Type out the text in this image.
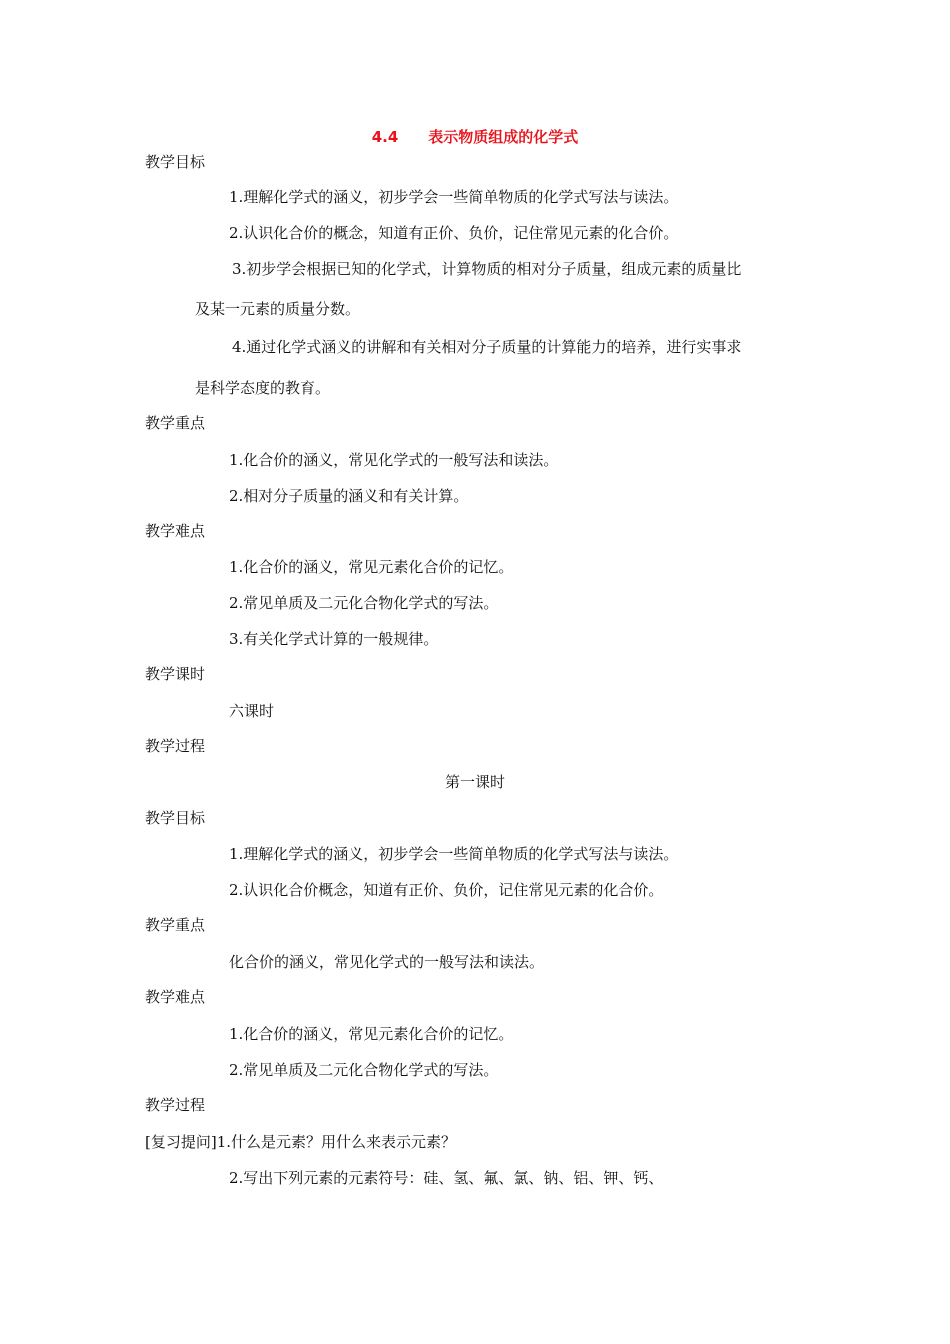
4.4　　表示物质组成的化学式
教学目标
1.理解化学式的涵义，初步学会一些简单物质的化学式写法与读法。
2.认识化合价的概念，知道有正价、负价，记住常见元素的化合价。
3.初步学会根据已知的化学式，计算物质的相对分子质量，组成元素的质量比
及某一元素的质量分数。
4.通过化学式涵义的讲解和有关相对分子质量的计算能力的培养，进行实事求
是科学态度的教育。
教学重点
1.化合价的涵义，常见化学式的一般写法和读法。
2.相对分子质量的涵义和有关计算。
教学难点
1.化合价的涵义，常见元素化合价的记忆。
2.常见单质及二元化合物化学式的写法。
3.有关化学式计算的一般规律。
教学课时
六课时
教学过程
第一课时
教学目标
1.理解化学式的涵义，初步学会一些简单物质的化学式写法与读法。
2.认识化合价概念，知道有正价、负价，记住常见元素的化合价。
教学重点
化合价的涵义，常见化学式的一般写法和读法。
教学难点
1.化合价的涵义，常见元素化合价的记忆。
2.常见单质及二元化合物化学式的写法。
教学过程
[复习提问]1.什么是元素？用什么来表示元素？
2.写出下列元素的元素符号：硅、氢、氟、氯、钠、铝、钾、钙、
